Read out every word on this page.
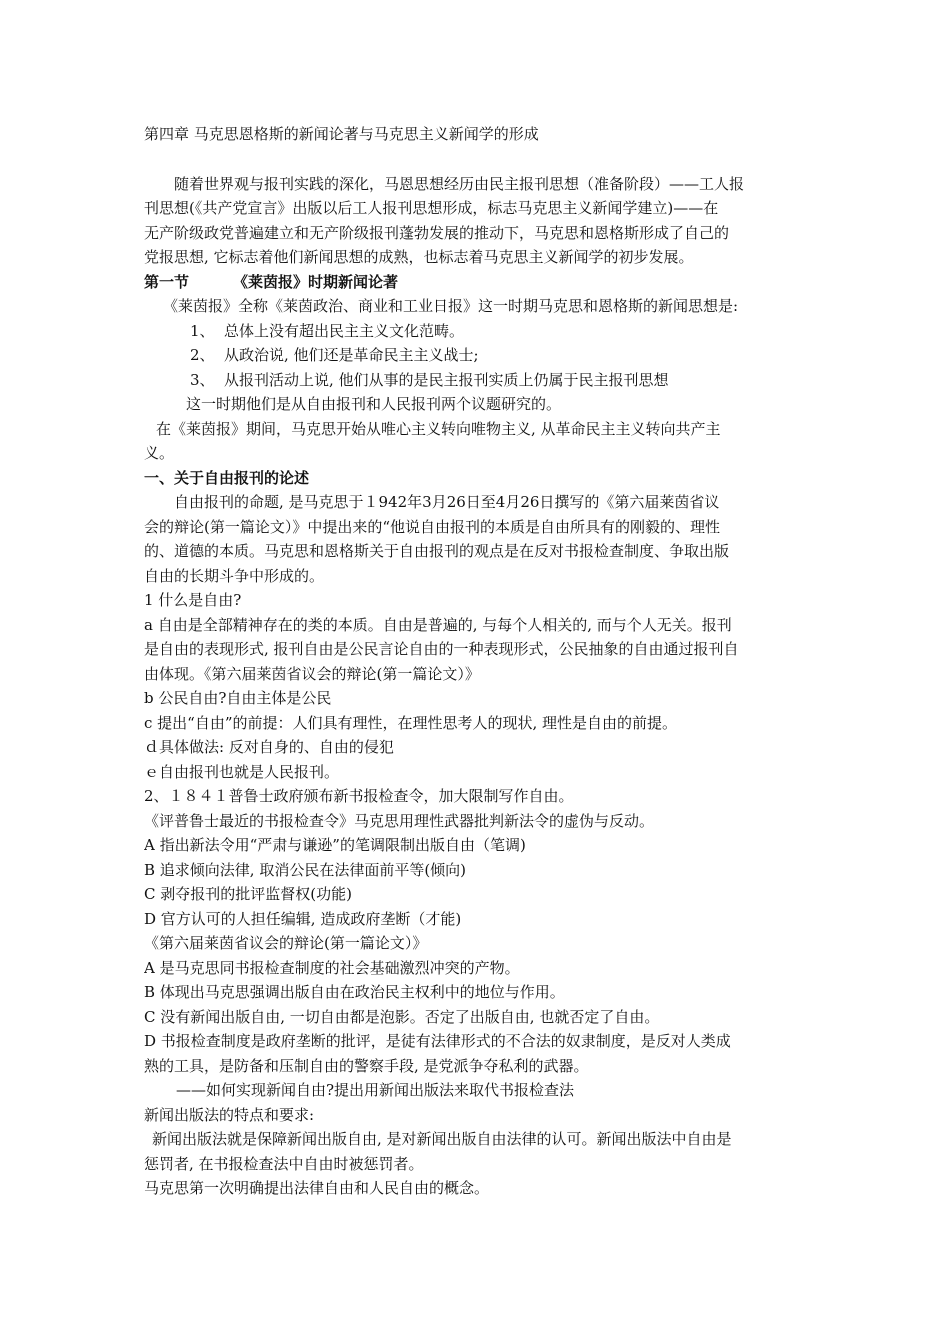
第四章 马克思恩格斯的新闻论著与马克思主义新闻学的形成
随着世界观与报刊实践的深化，马恩思想经历由民主报刊思想（准备阶段）——工人报
刊思想(《共产党宣言》出版以后工人报刊思想形成，标志马克思主义新闻学建立)——在
无产阶级政党普遍建立和无产阶级报刊蓬勃发展的推动下，马克思和恩格斯形成了自己的
党报思想, 它标志着他们新闻思想的成熟，也标志着马克思主义新闻学的初步发展。
第一节	《莱茵报》时期新闻论著
《莱茵报》全称《莱茵政治、商业和工业日报》这一时期马克思和恩格斯的新闻思想是:
1、 总体上没有超出民主主义文化范畴。
2、 从政治说, 他们还是革命民主主义战士;
3、 从报刊活动上说, 他们从事的是民主报刊实质上仍属于民主报刊思想
这一时期他们是从自由报刊和人民报刊两个议题研究的。
在《莱茵报》期间，马克思开始从唯心主义转向唯物主义, 从革命民主主义转向共产主
义。
一、关于自由报刊的论述
自由报刊的命题, 是马克思于１942年3月26日至4月26日撰写的《第六届莱茵省议
会的辩论(第一篇论文）》中提出来的“他说自由报刊的本质是自由所具有的刚毅的、理性
的、道德的本质。马克思和恩格斯关于自由报刊的观点是在反对书报检查制度、争取出版
自由的长期斗争中形成的。
1 什么是自由?
a 自由是全部精神存在的类的本质。自由是普遍的, 与每个人相关的, 而与个人无关。报刊
是自由的表现形式, 报刊自由是公民言论自由的一种表现形式，公民抽象的自由通过报刊自
由体现。《第六届莱茵省议会的辩论(第一篇论文）》
b 公民自由?自由主体是公民
c 提出“自由”的前提：人们具有理性，在理性思考人的现状, 理性是自由的前提。
ｄ具体做法: 反对自身的、自由的侵犯
ｅ自由报刊也就是人民报刊。
2、１８４１普鲁士政府颁布新书报检查令，加大限制写作自由。
《评普鲁士最近的书报检查令》马克思用理性武器批判新法令的虚伪与反动。
A 指出新法令用“严肃与谦逊”的笔调限制出版自由（笔调)
B 追求倾向法律, 取消公民在法律面前平等(倾向)
C 剥夺报刊的批评监督权(功能)
D 官方认可的人担任编辑, 造成政府垄断（才能)
《第六届莱茵省议会的辩论(第一篇论文）》
A 是马克思同书报检查制度的社会基础激烈冲突的产物。
B 体现出马克思强调出版自由在政治民主权利中的地位与作用。
C 没有新闻出版自由, 一切自由都是泡影。否定了出版自由, 也就否定了自由。
D 书报检查制度是政府垄断的批评，是徒有法律形式的不合法的奴隶制度，是反对人类成
熟的工具，是防备和压制自由的警察手段, 是党派争夺私利的武器。
——如何实现新闻自由?提出用新闻出版法来取代书报检查法
新闻出版法的特点和要求:
新闻出版法就是保障新闻出版自由, 是对新闻出版自由法律的认可。新闻出版法中自由是
惩罚者, 在书报检查法中自由时被惩罚者。
马克思第一次明确提出法律自由和人民自由的概念。
